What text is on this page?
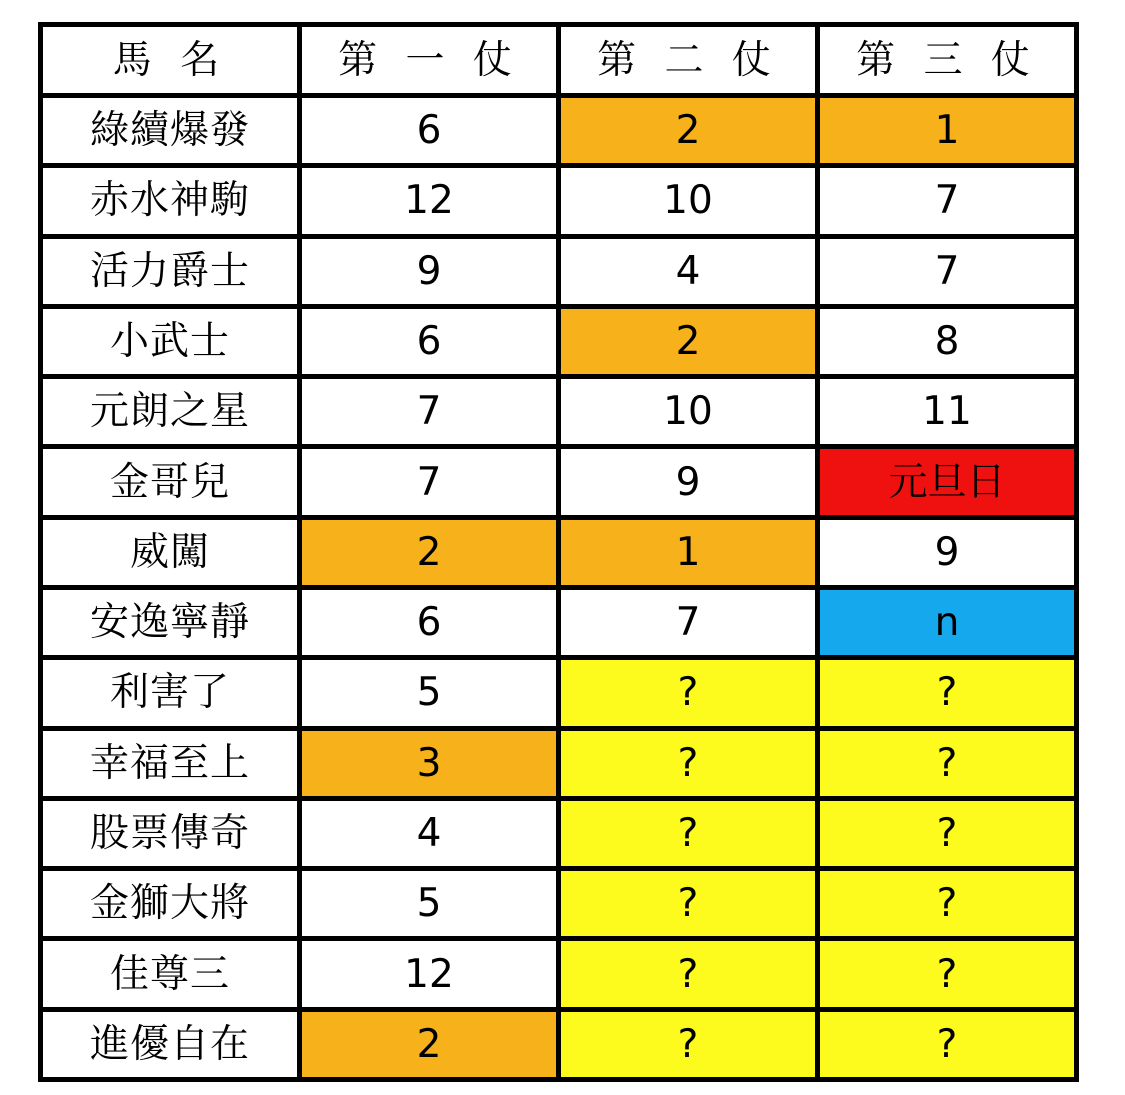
馬 名	第 一 仗	第 二 仗	第 三 仗
綠續爆發	6	2	1
赤水神駒	12	10	7
活力爵士	9	4	7
小武士	6	2	8
元朗之星	7	10	11
金哥兒	7	9	元旦日
威闖	2	1	9
安逸寧靜	6	7	n
利害了	5	?	?
幸福至上	3	?	?
股票傳奇	4	?	?
金獅大將	5	?	?
佳尊三	12	?	?
進優自在	2	?	?
